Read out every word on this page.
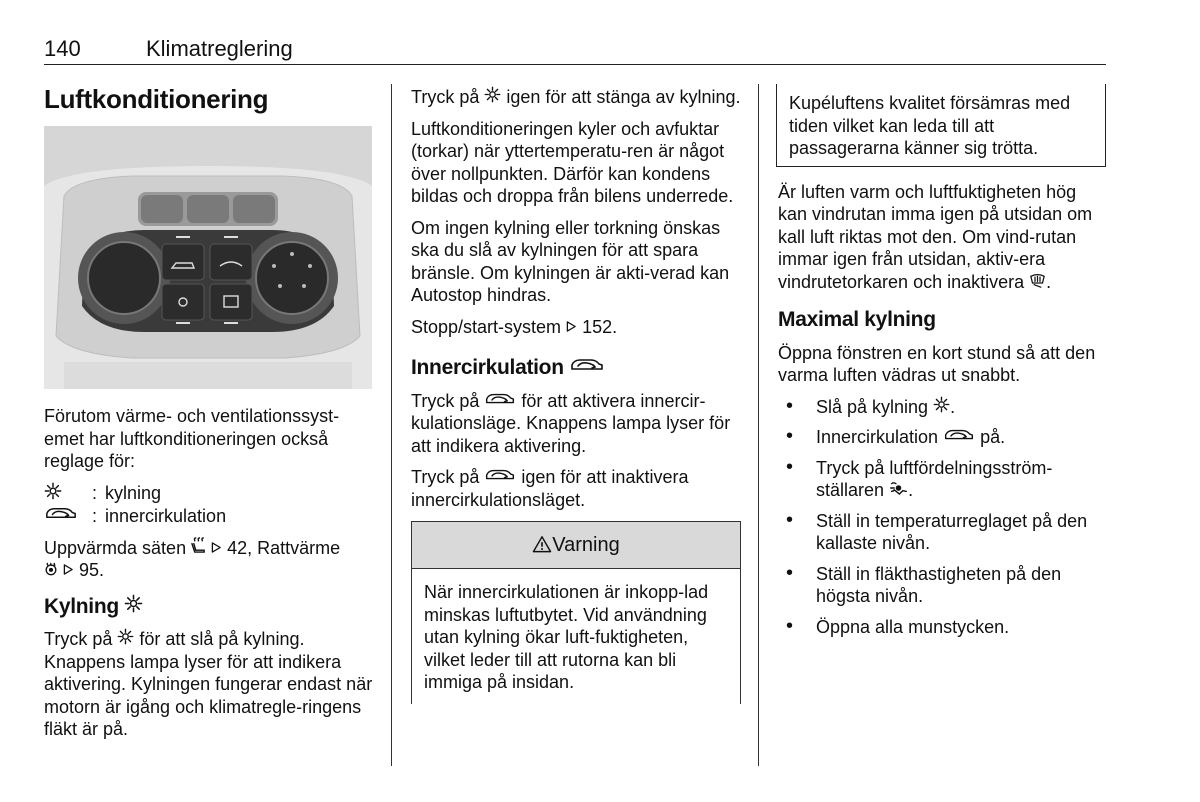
140	Klimatreglering
Luftkonditionering

Förutom värme- och ventilationssyst-emet har luftkonditioneringen också reglage för:

: kylning
: innercirkulation

Uppvärmda säten 42, Rattvärme
95.

Kylning

Tryck på för att slå på kylning. Knappens lampa lyser för att indikera aktivering. Kylningen fungerar endast när motorn är igång och klimatregle-ringens fläkt är på.

Tryck på igen för att stänga av kylning.

Luftkonditioneringen kyler och avfuktar (torkar) när yttertemperatu-ren är något över nollpunkten. Därför kan kondens bildas och droppa från bilens underrede.

Om ingen kylning eller torkning önskas ska du slå av kylningen för att spara bränsle. Om kylningen är akti-verad kan Autostop hindras.

Stopp/start-system 152.

Innercirkulation

Tryck på för att aktivera innercir-kulationsläge. Knappens lampa lyser för att indikera aktivering.

Tryck på igen för att inaktivera innercirkulationsläget.

Varning
När innercirkulationen är inkopp-lad minskas luftutbytet. Vid användning utan kylning ökar luft-fuktigheten, vilket leder till att rutorna kan bli immiga på insidan.
Kupéluftens kvalitet försämras med tiden vilket kan leda till att passagerarna känner sig trötta.

Är luften varm och luftfuktigheten hög kan vindrutan imma igen på utsidan om kall luft riktas mot den. Om vind-rutan immar igen från utsidan, aktiv-era vindrutetorkaren och inaktivera .

Maximal kylning

Öppna fönstren en kort stund så att den varma luften vädras ut snabbt.

• Slå på kylning .
• Innercirkulation på.
• Tryck på luftfördelningsström-ställaren .
• Ställ in temperaturreglaget på den kallaste nivån.
• Ställ in fläkthastigheten på den högsta nivån.
• Öppna alla munstycken.
